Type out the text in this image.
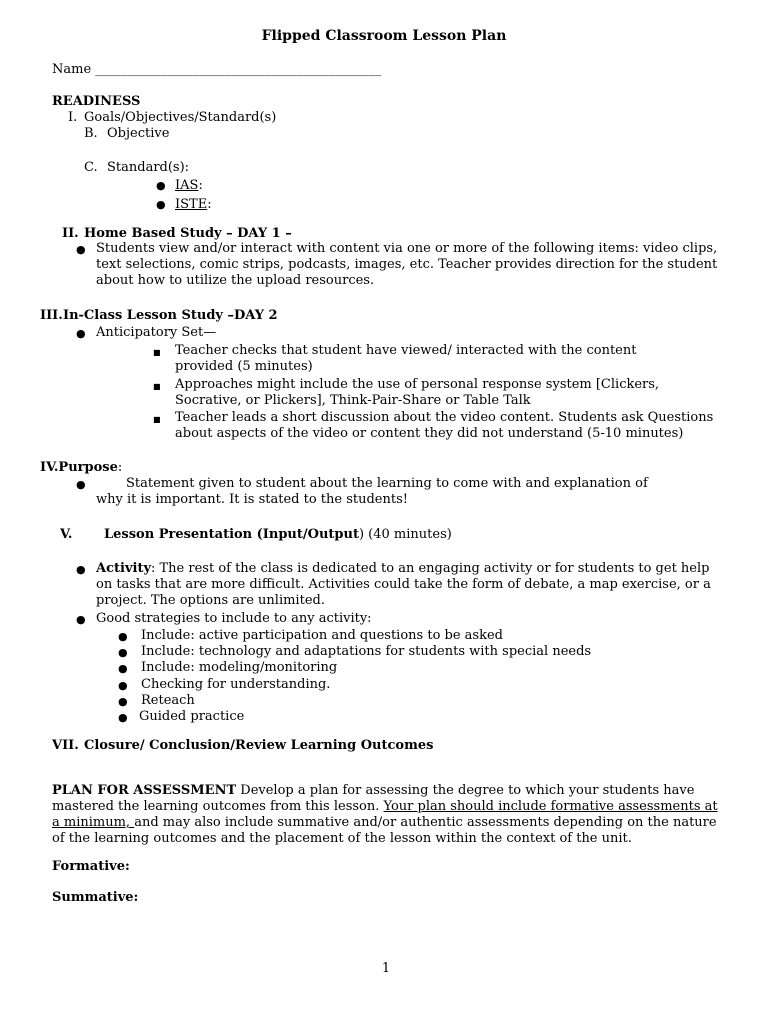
Flipped Classroom Lesson Plan
Name ____________________________________________
READINESS
I. Goals/Objectives/Standard(s)
B. Objective
C. Standard(s):
● IAS:
● ISTE:
II. Home Based Study – DAY 1 –
● Students view and/or interact with content via one or more of the following items: video clips, text selections, comic strips, podcasts, images, etc. Teacher provides direction for the student about how to utilize the upload resources.
III. In-Class Lesson Study –DAY 2
● Anticipatory Set—
■ Teacher checks that student have viewed/ interacted with the content provided (5 minutes)
■ Approaches might include the use of personal response system [Clickers, Socrative, or Plickers], Think-Pair-Share or Table Talk
■ Teacher leads a short discussion about the video content. Students ask Questions about aspects of the video or content they did not understand (5-10 minutes)
IV.Purpose:
●	Statement given to student about the learning to come with and explanation of why it is important. It is stated to the students!
V. Lesson Presentation (Input/Output) (40 minutes)
● Activity: The rest of the class is dedicated to an engaging activity or for students to get help on tasks that are more difficult. Activities could take the form of debate, a map exercise, or a project. The options are unlimited.
● Good strategies to include to any activity:
● Include: active participation and questions to be asked
● Include: technology and adaptations for students with special needs
● Include: modeling/monitoring
● Checking for understanding.
● Reteach
● Guided practice
VII. Closure/ Conclusion/Review Learning Outcomes
PLAN FOR ASSESSMENT Develop a plan for assessing the degree to which your students have mastered the learning outcomes from this lesson. Your plan should include formative assessments at a minimum, and may also include summative and/or authentic assessments depending on the nature of the learning outcomes and the placement of the lesson within the context of the unit.
Formative:
Summative:
1
